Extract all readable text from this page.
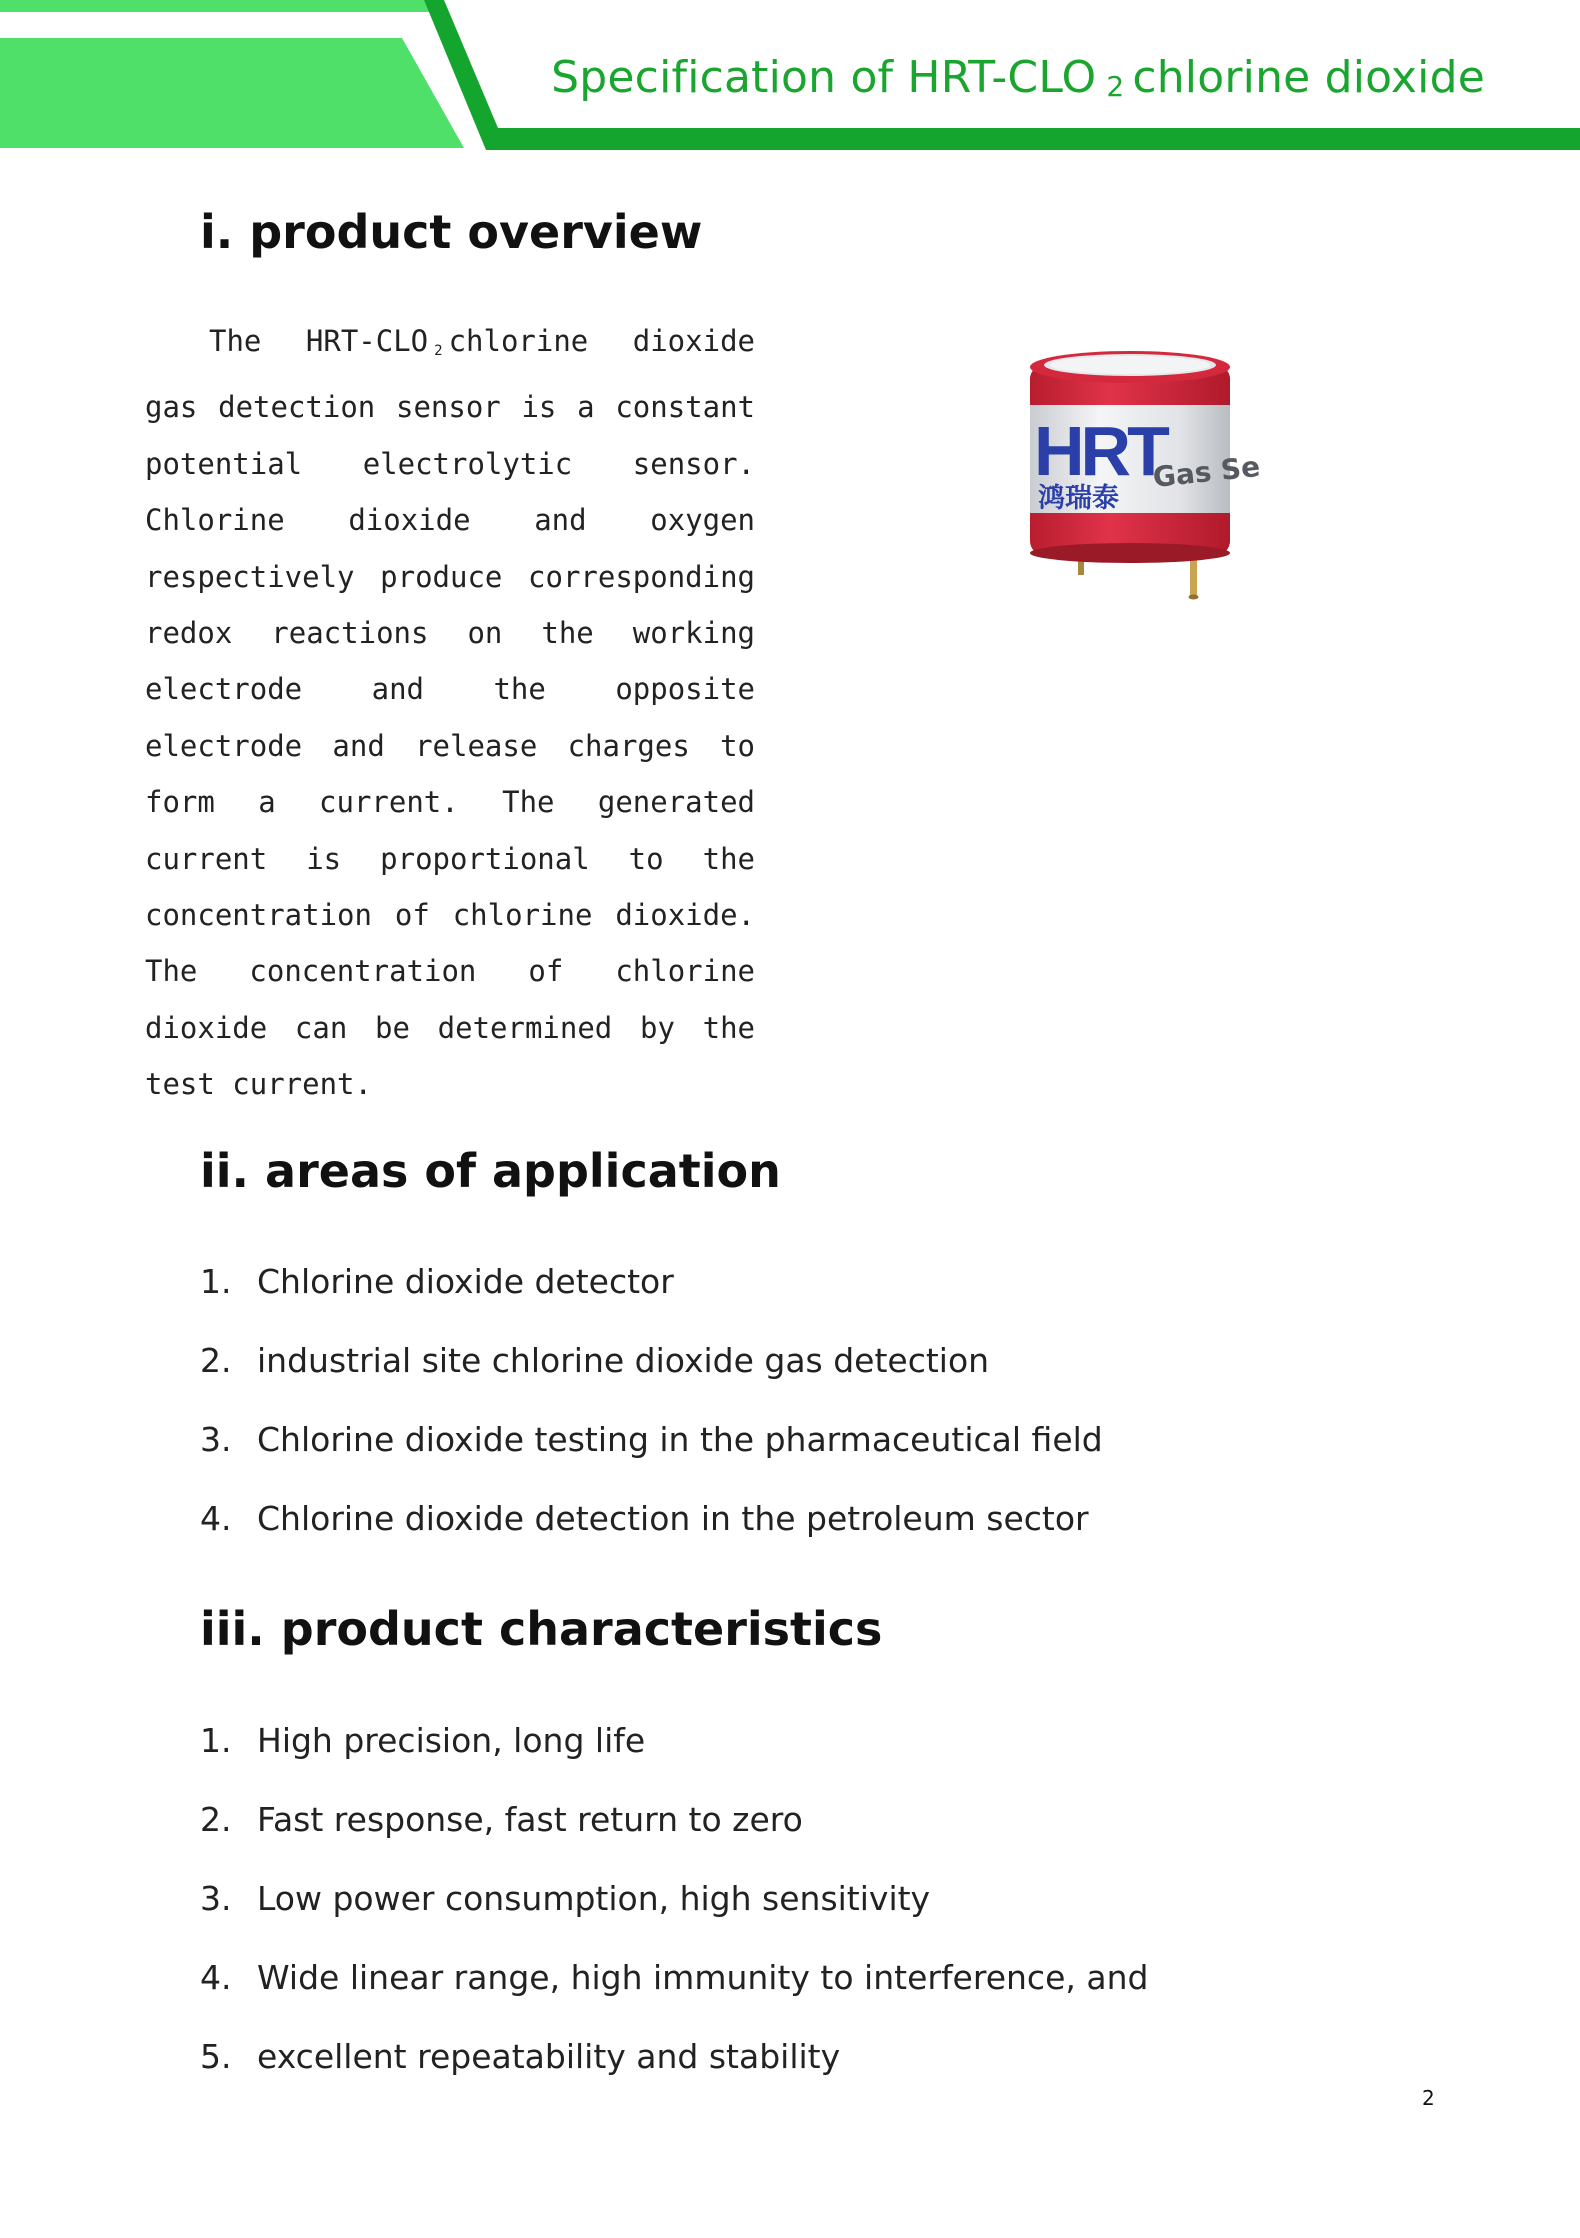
Specification of HRT-CLO 2 chlorine dioxide
i. product overview

The HRT-CLO $_2$ chlorine dioxide gas detection sensor is a constant potential electrolytic sensor. Chlorine dioxide and oxygen respectively produce corresponding redox reactions on the working electrode and the opposite electrode and release charges to form a current. The generated current is proportional to the concentration of chlorine dioxide. The concentration of chlorine dioxide can be determined by the test current.

HRT
鸿瑞泰
Gas Se
ii. areas of application
1. Chlorine dioxide detector
2. industrial site chlorine dioxide gas detection
3. Chlorine dioxide testing in the pharmaceutical field
4. Chlorine dioxide detection in the petroleum sector
iii. product characteristics
1. High precision, long life
2. Fast response, fast return to zero
3. Low power consumption, high sensitivity
4. Wide linear range, high immunity to interference, and
5. excellent repeatability and stability
2
